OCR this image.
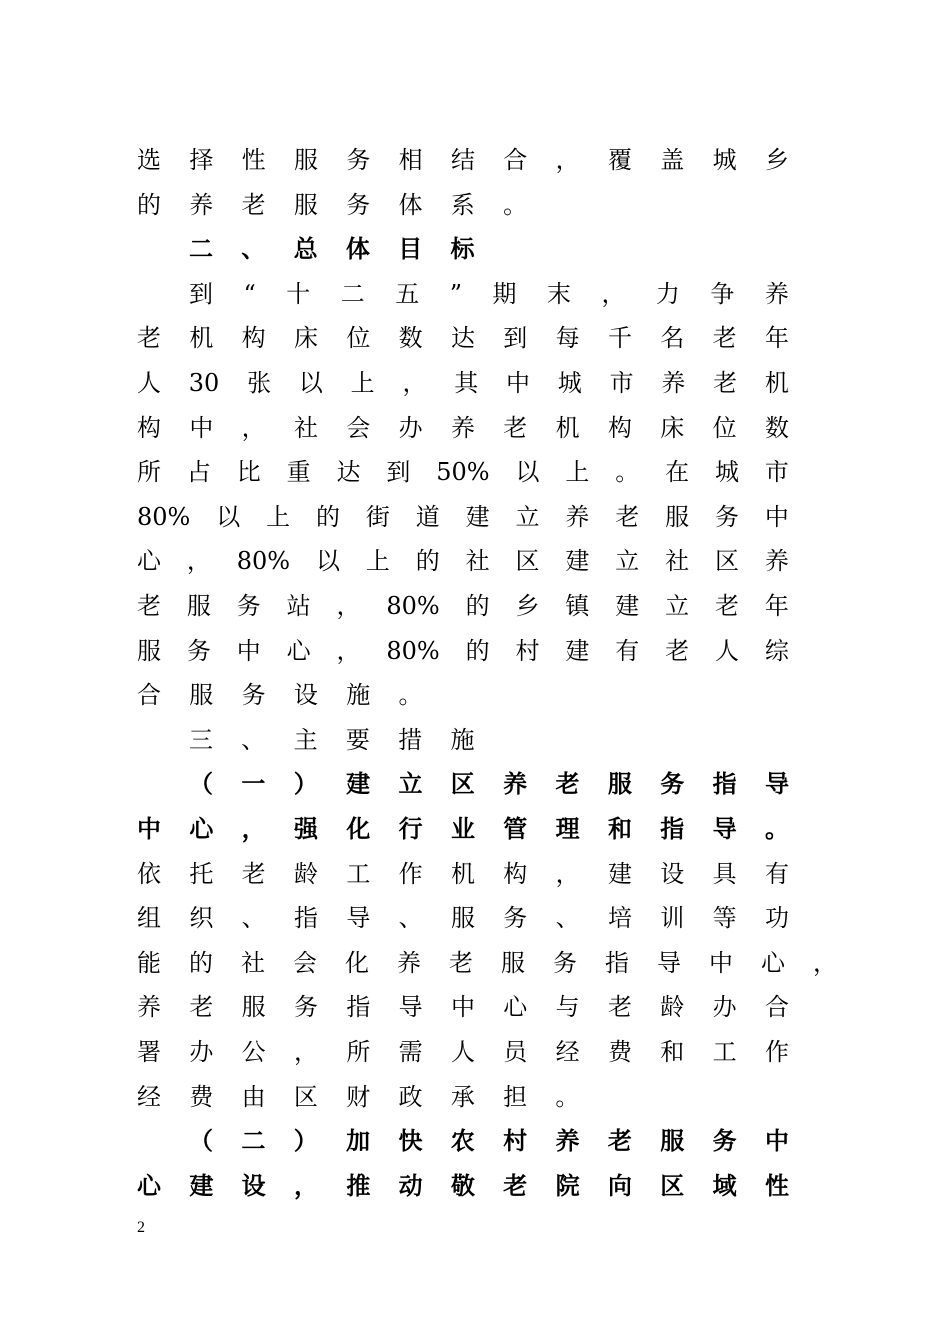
选 择 性 服 务 相 结 合 ， 覆 盖 城 乡
的 养 老 服 务 体 系 。
二 、 总 体 目 标
到 “ 十 二 五 ” 期 末 ， 力 争 养
老 机 构 床 位 数 达 到 每 千 名 老 年
人 30 张 以 上 ， 其 中 城 市 养 老 机
构 中 ， 社 会 办 养 老 机 构 床 位 数
所 占 比 重 达 到 50% 以 上 。 在 城 市
80% 以 上 的 街 道 建 立 养 老 服 务 中
心 ， 80% 以 上 的 社 区 建 立 社 区 养
老 服 务 站 ， 80% 的 乡 镇 建 立 老 年
服 务 中 心 ， 80% 的 村 建 有 老 人 综
合 服 务 设 施 。
三 、 主 要 措 施
（ 一 ） 建 立 区 养 老 服 务 指 导
中 心 ， 强 化 行 业 管 理 和 指 导 。
依 托 老 龄 工 作 机 构 ， 建 设 具 有
组 织 、 指 导 、 服 务 、 培 训 等 功
能 的 社 会 化 养 老 服 务 指 导 中 心 ，
养 老 服 务 指 导 中 心 与 老 龄 办 合
署 办 公 ， 所 需 人 员 经 费 和 工 作
经 费 由 区 财 政 承 担 。
（ 二 ） 加 快 农 村 养 老 服 务 中
心 建 设 ， 推 动 敬 老 院 向 区 域 性
2
